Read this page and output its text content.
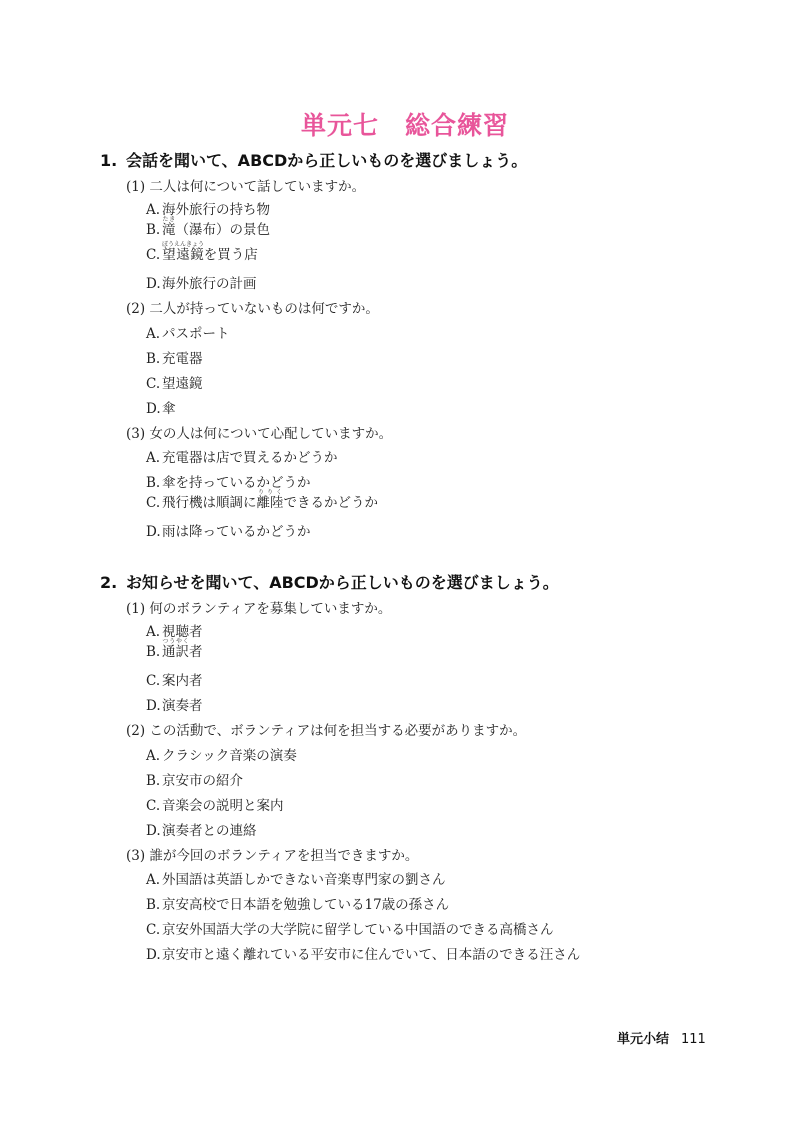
単元七 総合練習
1. 会話を聞いて、ABCDから正しいものを選びましょう。
(1) 二人は何について話していますか。
A. 海外旅行の持ち物
B. 滝たき（瀑布）の景色
C. 望遠鏡ぼうえんきょうを買う店
D.海外旅行の計画
(2) 二人が持っていないものは何ですか。
A. パスポート
B. 充電器
C. 望遠鏡
D.傘
(3) 女の人は何について心配していますか。
A. 充電器は店で買えるかどうか
B. 傘を持っているかどうか
C. 飛行機は順調に離陸りりくできるかどうか
D.雨は降っているかどうか
2. お知らせを聞いて、ABCDから正しいものを選びましょう。
(1) 何のボランティアを募集していますか。
A. 視聴者
B. 通訳つうやく者
C. 案内者
D.演奏者
(2) この活動で、ボランティアは何を担当する必要がありますか。
A. クラシック音楽の演奏
B. 京安市の紹介
C. 音楽会の説明と案内
D.演奏者との連絡
(3) 誰が今回のボランティアを担当できますか。
A. 外国語は英語しかできない音楽専門家の劉さん
B. 京安高校で日本語を勉強している17歳の孫さん
C. 京安外国語大学の大学院に留学している中国語のできる高橋さん
D.京安市と遠く離れている平安市に住んでいて、日本語のできる汪さん
単元小结 111
